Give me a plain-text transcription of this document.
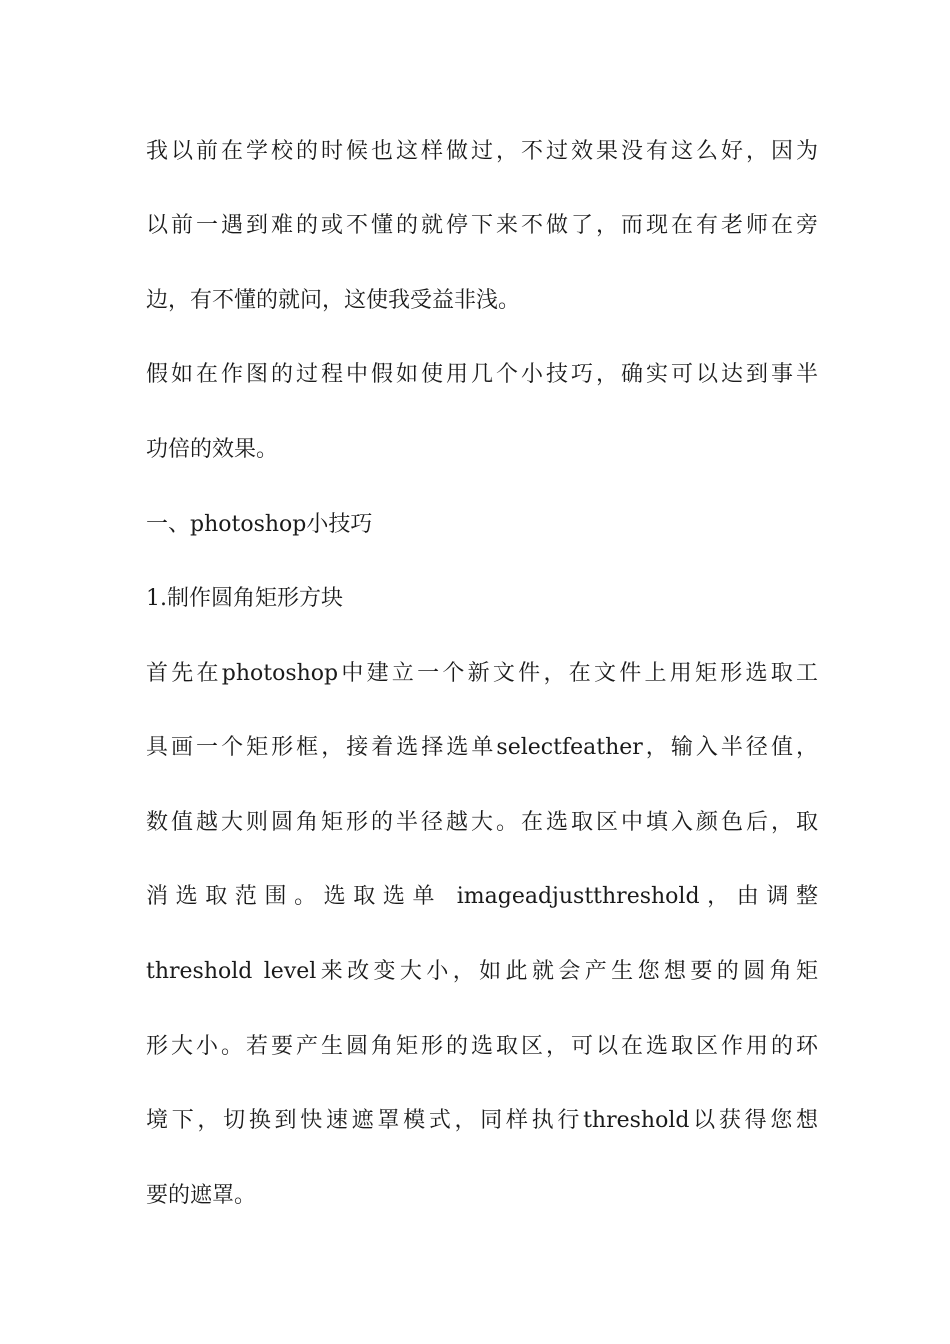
我以前在学校的时候也这样做过，不过效果没有这么好，因为

以前一遇到难的或不懂的就停下来不做了，而现在有老师在旁

边，有不懂的就问，这使我受益非浅。

假如在作图的过程中假如使用几个小技巧，确实可以达到事半

功倍的效果。

一、photoshop小技巧

1.制作圆角矩形方块

首先在photoshop中建立一个新文件，在文件上用矩形选取工

具画一个矩形框，接着选择选单selectfeather，输入半径值，

数值越大则圆角矩形的半径越大。在选取区中填入颜色后，取

消选取范围。选取选单 imageadjustthreshold，由调整

threshold level来改变大小，如此就会产生您想要的圆角矩

形大小。若要产生圆角矩形的选取区，可以在选取区作用的环

境下，切换到快速遮罩模式，同样执行threshold以获得您想

要的遮罩。
